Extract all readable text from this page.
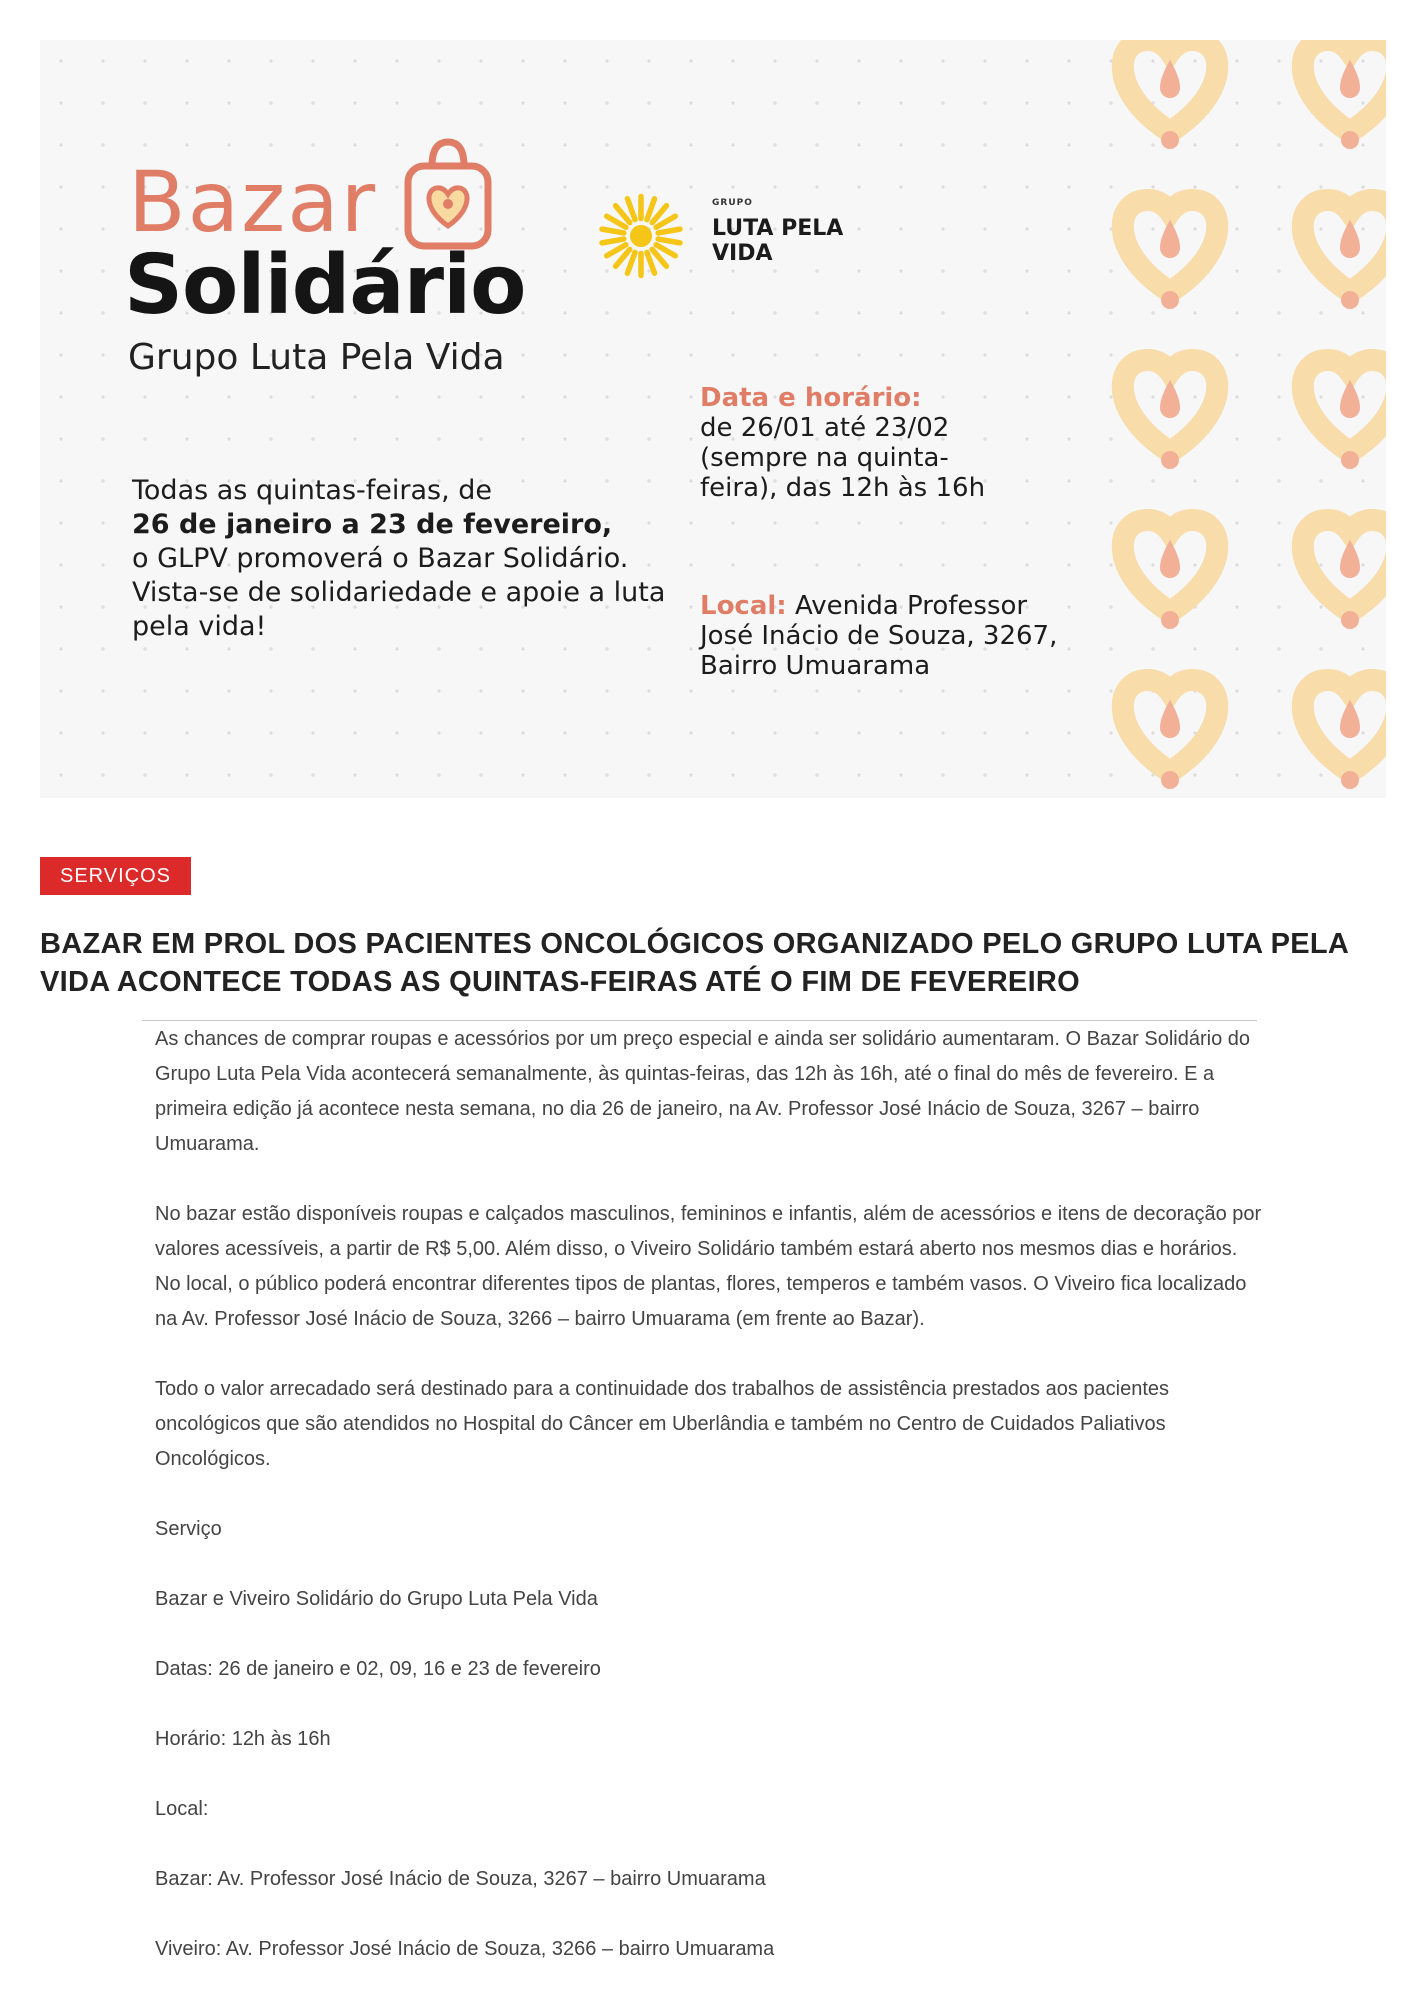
Bazar
Solidário
Grupo Luta Pela Vida
Todas as quintas-feiras, de
26 de janeiro a 23 de fevereiro,
o GLPV promoverá o Bazar Solidário. Vista-se de solidariedade e apoie a luta pela vida!
GRUPO
LUTA PELA VIDA
Data e horário:
de 26/01 até 23/02 (sempre na quinta-feira), das 12h às 16h
Local: Avenida Professor José Inácio de Souza, 3267, Bairro Umuarama
SERVIÇOS
BAZAR EM PROL DOS PACIENTES ONCOLÓGICOS ORGANIZADO PELO GRUPO LUTA PELA VIDA ACONTECE TODAS AS QUINTAS-FEIRAS ATÉ O FIM DE FEVEREIRO

As chances de comprar roupas e acessórios por um preço especial e ainda ser solidário aumentaram. O Bazar Solidário do Grupo Luta Pela Vida acontecerá semanalmente, às quintas-feiras, das 12h às 16h, até o final do mês de fevereiro. E a primeira edição já acontece nesta semana, no dia 26 de janeiro, na Av. Professor José Inácio de Souza, 3267 – bairro Umuarama.

No bazar estão disponíveis roupas e calçados masculinos, femininos e infantis, além de acessórios e itens de decoração por valores acessíveis, a partir de R$ 5,00. Além disso, o Viveiro Solidário também estará aberto nos mesmos dias e horários. No local, o público poderá encontrar diferentes tipos de plantas, flores, temperos e também vasos. O Viveiro fica localizado na Av. Professor José Inácio de Souza, 3266 – bairro Umuarama (em frente ao Bazar).

Todo o valor arrecadado será destinado para a continuidade dos trabalhos de assistência prestados aos pacientes oncológicos que são atendidos no Hospital do Câncer em Uberlândia e também no Centro de Cuidados Paliativos Oncológicos.

Serviço

Bazar e Viveiro Solidário do Grupo Luta Pela Vida

Datas: 26 de janeiro e 02, 09, 16 e 23 de fevereiro

Horário: 12h às 16h

Local:

Bazar: Av. Professor José Inácio de Souza, 3267 – bairro Umuarama

Viveiro: Av. Professor José Inácio de Souza, 3266 – bairro Umuarama
